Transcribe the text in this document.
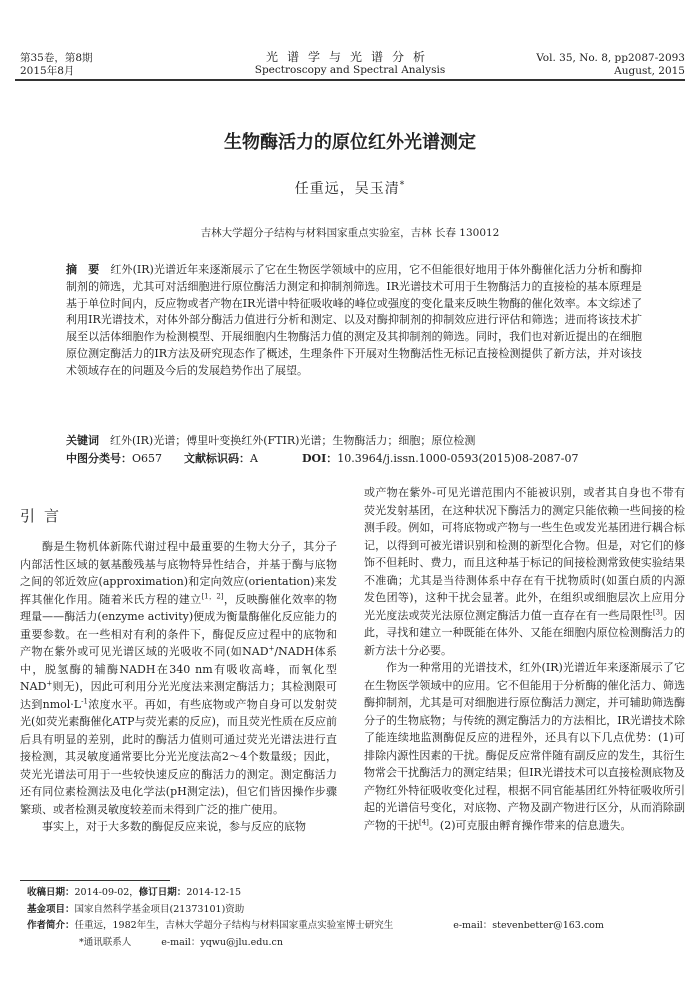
第35卷，第8期
2015年8月
光谱学与光谱分析
Spectroscopy and Spectral Analysis
Vol. 35, No. 8, pp2087-2093
August, 2015
生物酶活力的原位红外光谱测定
任重远，吴玉清*
吉林大学超分子结构与材料国家重点实验室，吉林 长春 130012

摘　要　 红外(IR)光谱近年来逐渐展示了它在生物医学领域中的应用，它不但能很好地用于体外酶催化活力分析和酶抑制剂的筛选，尤其可对活细胞进行原位酶活力测定和抑制剂筛选。IR光谱技术可用于生物酶活力的直接检的基本原理是基于单位时间内，反应物或者产物在IR光谱中特征吸收峰的峰位或强度的变化量来反映生物酶的催化效率。本文综述了利用IR光谱技术，对体外部分酶活力值进行分析和测定、以及对酶抑制剂的抑制效应进行评估和筛选；进而将该技术扩展至以活体细胞作为检测模型、开展细胞内生物酶活力值的测定及其抑制剂的筛选。同时，我们也对新近提出的在细胞原位测定酶活力的IR方法及研究现态作了概述，生理条件下开展对生物酶活性无标记直接检测提供了新方法，并对该技术领域存在的问题及今后的发展趋势作出了展望。

关键词　 红外(IR)光谱；傅里叶变换红外(FTIR)光谱；生物酶活力；细胞；原位检测
中图分类号：O657 文献标识码：A	DOI：10.3964/j.issn.1000-0593(2015)08-2087-07
引言

酶是生物机体新陈代谢过程中最重要的生物大分子，其分子内部活性区域的氨基酸残基与底物特异性结合，并基于酶与底物之间的邻近效应(approximation)和定向效应(orientation)来发挥其催化作用。随着米氏方程的建立[1，2]，反映酶催化效率的物理量——酶活力(enzyme activity)便成为衡量酶催化反应能力的重要参数。在一些相对有利的条件下，酶促反应过程中的底物和产物在紫外或可见光谱区域的光吸收不同(如NAD+/NADH体系中，脱氢酶的辅酶NADH在340 nm有吸收高峰，而氧化型NAD+则无)，因此可利用分光光度法来测定酶活力；其检测限可达到$nmol\cdot L^{-1}$浓度水平。再如，有些底物或产物自身可以发射荧光(如荧光素酶催化ATP与荧光素的反应)，而且荧光性质在反应前后具有明显的差别，此时的酶活力值则可通过荧光光谱法进行直接检测，其灵敏度通常要比分光光度法高2～4个数量级；因此，荧光光谱法可用于一些较快速反应的酶活力的测定。测定酶活力还有同位素检测法及电化学法(pH测定法)，但它们皆因操作步骤繁琐、或者检测灵敏度较差而未得到广泛的推广使用。

事实上，对于大多数的酶促反应来说，参与反应的底物

或产物在紫外-可见光谱范围内不能被识别，或者其自身也不带有荧光发射基团，在这种状况下酶活力的测定只能依赖一些间接的检测手段。例如，可将底物或产物与一些生色或发光基团进行耦合标记，以得到可被光谱识别和检测的新型化合物。但是，对它们的修饰不但耗时、费力，而且这种基于标记的间接检测常致使实验结果不准确；尤其是当待测体系中存在有干扰物质时(如蛋白质的内源发色团等)，这种干扰会显著。此外，在组织或细胞层次上应用分光光度法或荧光法原位测定酶活力值一直存在有一些局限性[3]。因此，寻找和建立一种既能在体外、又能在细胞内原位检测酶活力的新方法十分必要。

作为一种常用的光谱技术，红外(IR)光谱近年来逐渐展示了它在生物医学领域中的应用。它不但能用于分析酶的催化活力、筛选酶抑制剂，尤其是可对细胞进行原位酶活力测定，并可辅助筛选酶分子的生物底物；与传统的测定酶活力的方法相比，IR光谱技术除了能连续地监测酶促反应的进程外，还具有以下几点优势：(1)可排除内源性因素的干扰。酶促反应常伴随有副反应的发生，其衍生物常会干扰酶活力的测定结果；但IR光谱技术可以直接检测底物及产物红外特征吸收变化过程，根据不同官能基团红外特征吸收所引起的光谱信号变化，对底物、产物及副产物进行区分，从而消除副产物的干扰[4]。(2)可克服由孵育操作带来的信息遗失。

收稿日期：2014-09-02，修订日期：2014-12-15
基金项目：国家自然科学基金项目(21373101)资助
作者简介：任重远，1982年生，吉林大学超分子结构与材料国家重点实验室博士研究生	e-mail：stevenbetter@163.com
*通讯联系人	e-mail：yqwu@jlu.edu.cn
